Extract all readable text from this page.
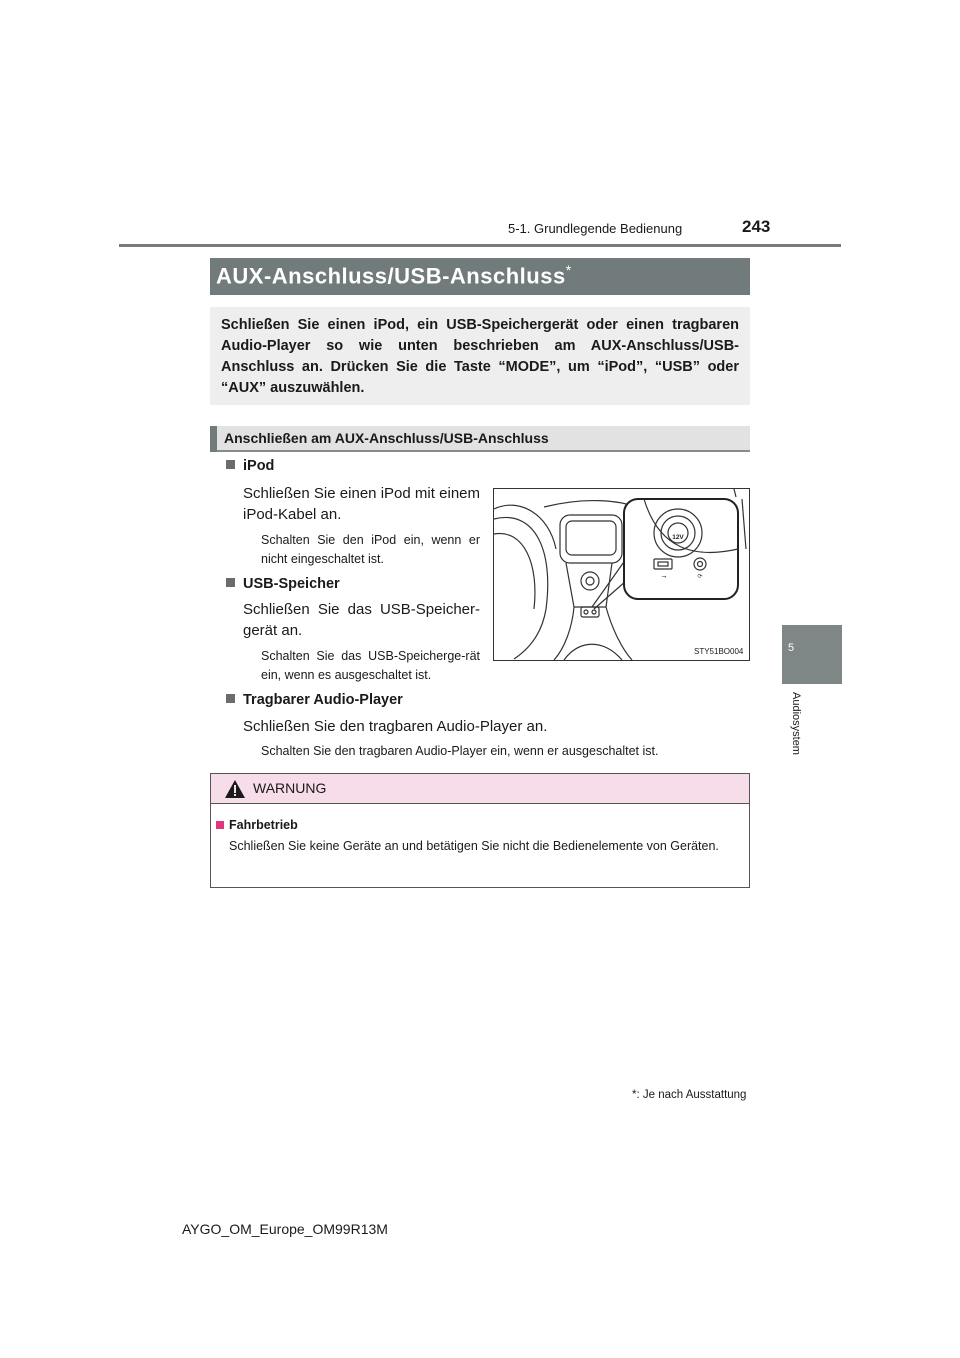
5-1. Grundlegende Bedienung	243
5
Audiosystem
AUX-Anschluss/USB-Anschluss*
Schließen Sie einen iPod, ein USB-Speichergerät oder einen tragbaren Audio-Player so wie unten beschrieben am AUX-Anschluss/USB-Anschluss an. Drücken Sie die Taste “MODE”, um “iPod”, “USB” oder “AUX” auszuwählen.
Anschließen am AUX-Anschluss/USB-Anschluss
iPod
Schließen Sie einen iPod mit einem iPod-Kabel an.
Schalten Sie den iPod ein, wenn er nicht eingeschaltet ist.
USB-Speicher
Schließen Sie das USB-Speicher-gerät an.
Schalten Sie das USB-Speicherge-rät ein, wenn es ausgeschaltet ist.
Tragbarer Audio-Player
Schließen Sie den tragbaren Audio-Player an.
Schalten Sie den tragbaren Audio-Player ein, wenn er ausgeschaltet ist.
12V
⭢	⟳
STY51BO004
WARNUNG
Fahrbetrieb
Schließen Sie keine Geräte an und betätigen Sie nicht die Bedienelemente von Geräten.
*: Je nach Ausstattung
AYGO_OM_Europe_OM99R13M
